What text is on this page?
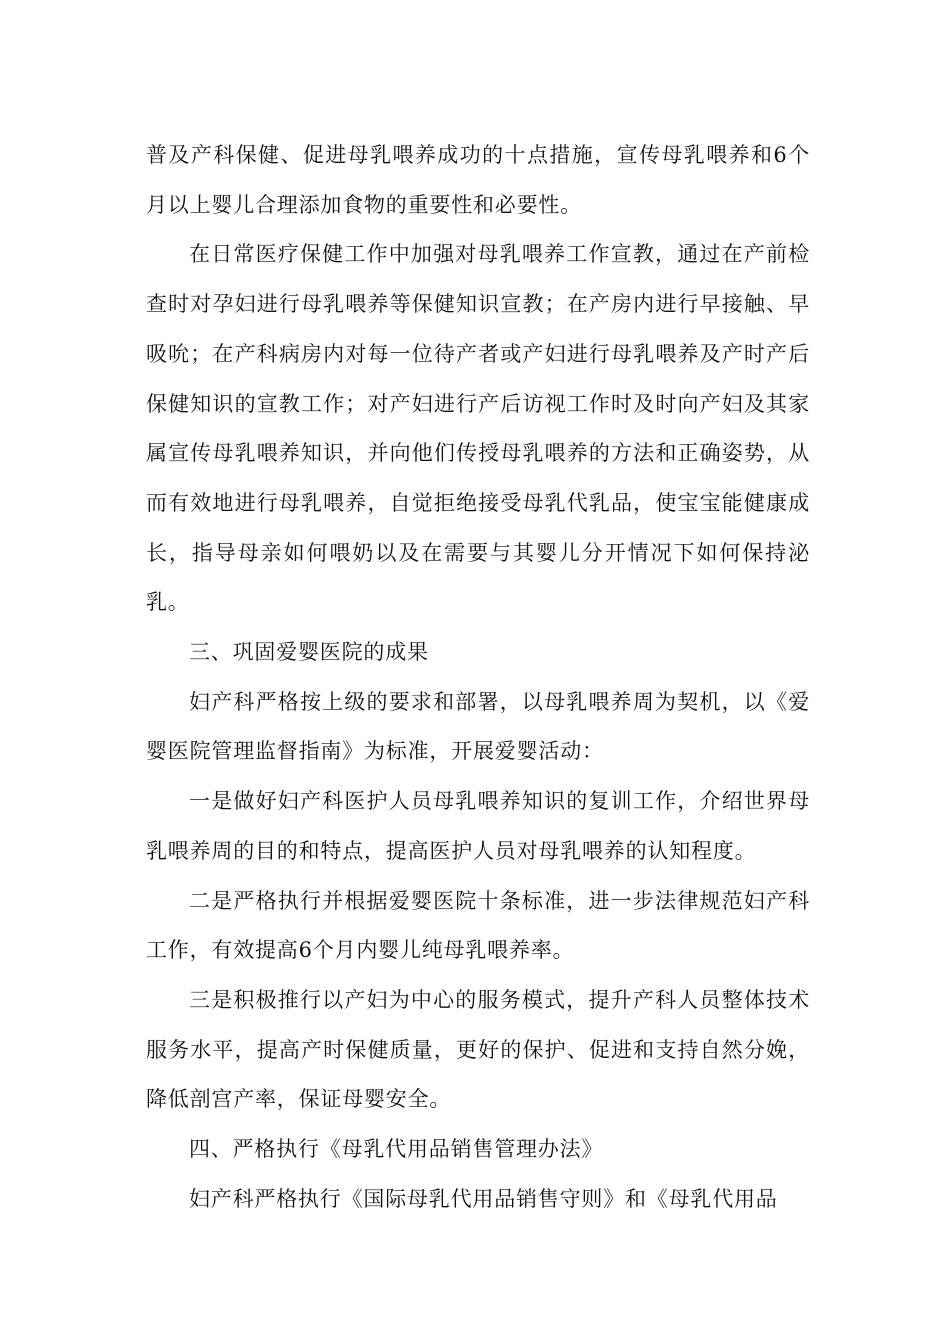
普及产科保健、促进母乳喂养成功的十点措施，宣传母乳喂养和6个月以上婴儿合理添加食物的重要性和必要性。

在日常医疗保健工作中加强对母乳喂养工作宣教，通过在产前检查时对孕妇进行母乳喂养等保健知识宣教；在产房内进行早接触、早吸吮；在产科病房内对每一位待产者或产妇进行母乳喂养及产时产后保健知识的宣教工作；对产妇进行产后访视工作时及时向产妇及其家属宣传母乳喂养知识，并向他们传授母乳喂养的方法和正确姿势，从而有效地进行母乳喂养，自觉拒绝接受母乳代乳品，使宝宝能健康成长，指导母亲如何喂奶以及在需要与其婴儿分开情况下如何保持泌乳。

三、巩固爱婴医院的成果

妇产科严格按上级的要求和部署，以母乳喂养周为契机，以《爱婴医院管理监督指南》为标准，开展爱婴活动：

一是做好妇产科医护人员母乳喂养知识的复训工作，介绍世界母乳喂养周的目的和特点，提高医护人员对母乳喂养的认知程度。

二是严格执行并根据爱婴医院十条标准，进一步法律规范妇产科工作，有效提高6个月内婴儿纯母乳喂养率。

三是积极推行以产妇为中心的服务模式，提升产科人员整体技术服务水平，提高产时保健质量，更好的保护、促进和支持自然分娩，降低剖宫产率，保证母婴安全。

四、严格执行《母乳代用品销售管理办法》

妇产科严格执行《国际母乳代用品销售守则》和《母乳代用品
